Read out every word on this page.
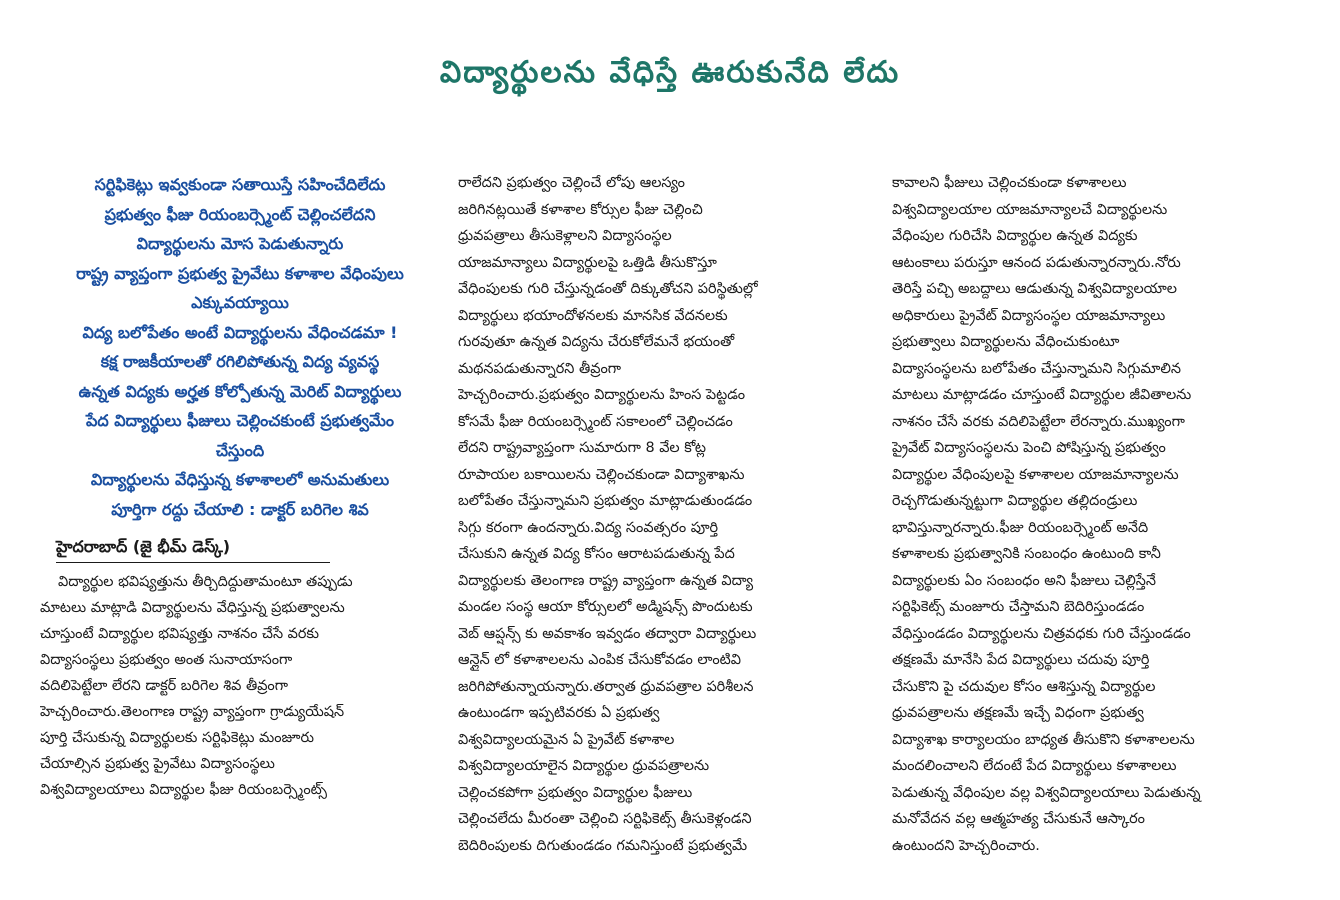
విద్యార్థులను వేధిస్తే ఊరుకునేది లేదు
సర్టిఫికెట్లు ఇవ్వకుండా సతాయిస్తే సహించేదిలేదు
ప్రభుత్వం ఫీజు రియంబర్స్మెంట్ చెల్లించలేదని
విద్యార్థులను మోస పెడుతున్నారు
రాష్ట్ర వ్యాప్తంగా ప్రభుత్వ ప్రైవేటు కళాశాల వేధింపులు
ఎక్కువయ్యాయి
విద్య బలోపేతం అంటే విద్యార్థులను వేధించడమా !
కక్ష రాజకీయాలతో రగిలిపోతున్న విద్య వ్యవస్థ
ఉన్నత విద్యకు అర్హత కోల్పోతున్న మెరిట్ విద్యార్థులు
పేద విద్యార్థులు ఫీజులు చెల్లించకుంటే ప్రభుత్వమేం
చేస్తుంది
విద్యార్థులను వేధిస్తున్న కళాశాలలో అనుమతులు
పూర్తిగా రద్దు చేయాలి : డాక్టర్ బరిగెల శివ
హైదరాబాద్ (జై భీమ్ డెస్క్)
విద్యార్థుల భవిష్యత్తును తీర్చిదిద్దుతామంటూ తప్పుడు
మాటలు మాట్లాడి విద్యార్థులను వేధిస్తున్న ప్రభుత్వాలను
చూస్తుంటే విద్యార్థుల భవిష్యత్తు నాశనం చేసే వరకు
విద్యాసంస్థలు ప్రభుత్వం అంత సునాయాసంగా
వదిలిపెట్టేలా లేరని డాక్టర్ బరిగెల శివ తీవ్రంగా
హెచ్చరించారు.తెలంగాణ రాష్ట్ర వ్యాప్తంగా గ్రాడ్యుయేషన్
పూర్తి చేసుకున్న విద్యార్థులకు సర్టిఫికెట్లు మంజూరు
చేయాల్సిన ప్రభుత్వ ప్రైవేటు విద్యాసంస్థలు
విశ్వవిద్యాలయాలు విద్యార్థుల ఫీజు రియంబర్స్మెంట్స్
రాలేదని ప్రభుత్వం చెల్లించే లోపు ఆలస్యం
జరిగినట్లయితే కళాశాల కోర్సుల ఫీజు చెల్లించి
ధ్రువపత్రాలు తీసుకెళ్లాలని విద్యాసంస్థల
యాజమాన్యాలు విద్యార్థులపై ఒత్తిడి తీసుకొస్తూ
వేధింపులకు గురి చేస్తున్నడంతో దిక్కుతోచని పరిస్థితుల్లో
విద్యార్థులు భయాందోళనలకు మానసిక వేదనలకు
గురవుతూ ఉన్నత విద్యను చేరుకోలేమనే భయంతో
మథనపడుతున్నారని తీవ్రంగా
హెచ్చరించారు.ప్రభుత్వం విద్యార్థులను హింస పెట్టడం
కోసమే ఫీజు రియంబర్స్మెంట్ సకాలంలో చెల్లించడం
లేదని రాష్ట్రవ్యాప్తంగా సుమారుగా 8 వేల కోట్ల
రూపాయల బకాయిలను చెల్లించకుండా విద్యాశాఖను
బలోపేతం చేస్తున్నామని ప్రభుత్వం మాట్లాడుతుండడం
సిగ్గు కరంగా ఉందన్నారు.విద్య సంవత్సరం పూర్తి
చేసుకుని ఉన్నత విద్య కోసం ఆరాటపడుతున్న పేద
విద్యార్థులకు తెలంగాణ రాష్ట్ర వ్యాప్తంగా ఉన్నత విద్యా
మండల సంస్థ ఆయా కోర్సులలో అడ్మిషన్స్ పొందుటకు
వెబ్ ఆప్షన్స్ కు అవకాశం ఇవ్వడం తద్వారా విద్యార్థులు
ఆన్లైన్ లో కళాశాలలను ఎంపిక చేసుకోవడం లాంటివి
జరిగిపోతున్నాయన్నారు.తర్వాత ధ్రువపత్రాల పరిశీలన
ఉంటుండగా ఇప్పటివరకు ఏ ప్రభుత్వ
విశ్వవిద్యాలయమైన ఏ ప్రైవేట్ కళాశాల
విశ్వవిద్యాలయాలైన విద్యార్థుల ధ్రువపత్రాలను
చెల్లించకపోగా ప్రభుత్వం విద్యార్థుల ఫీజులు
చెల్లించలేదు మీరంతా చెల్లించి సర్టిఫికెట్స్ తీసుకెళ్లండని
బెదిరింపులకు దిగుతుండడం గమనిస్తుంటే ప్రభుత్వమే
కావాలని ఫీజులు చెల్లించకుండా కళాశాలలు
విశ్వవిద్యాలయాల యాజమాన్యాలచే విద్యార్థులను
వేధింపుల గురిచేసి విద్యార్థుల ఉన్నత విద్యకు
ఆటంకాలు పరుస్తూ ఆనంద పడుతున్నారన్నారు.నోరు
తెరిస్తే పచ్చి అబద్దాలు ఆడుతున్న విశ్వవిద్యాలయాల
అధికారులు ప్రైవేట్ విద్యాసంస్థల యాజమాన్యాలు
ప్రభుత్వాలు విద్యార్థులను వేధించుకుంటూ
విద్యాసంస్థలను బలోపేతం చేస్తున్నామని సిగ్గుమాలిన
మాటలు మాట్లాడడం చూస్తుంటే విద్యార్థుల జీవితాలను
నాశనం చేసే వరకు వదిలిపెట్టేలా లేరన్నారు.ముఖ్యంగా
ప్రైవేట్ విద్యాసంస్థలను పెంచి పోషిస్తున్న ప్రభుత్వం
విద్యార్థుల వేధింపులపై కళాశాలల యాజమాన్యాలను
రెచ్చగొడుతున్నట్టుగా విద్యార్థుల తల్లిదండ్రులు
భావిస్తున్నారన్నారు.ఫీజు రియంబర్స్మెంట్ అనేది
కళాశాలకు ప్రభుత్వానికి సంబంధం ఉంటుంది కానీ
విద్యార్థులకు ఏం సంబంధం అని ఫీజులు చెల్లిస్తేనే
సర్టిఫికెట్స్ మంజూరు చేస్తామని బెదిరిస్తుండడం
వేధిస్తుండడం విద్యార్థులను చిత్రవధకు గురి చేస్తుండడం
తక్షణమే మానేసి పేద విద్యార్థులు చదువు పూర్తి
చేసుకొని పై చదువుల కోసం ఆశిస్తున్న విద్యార్థుల
ధ్రువపత్రాలను తక్షణమే ఇచ్చే విధంగా ప్రభుత్వ
విద్యాశాఖ కార్యాలయం బాధ్యత తీసుకొని కళాశాలలను
మందలించాలని లేదంటే పేద విద్యార్థులు కళాశాలలు
పెడుతున్న వేధింపుల వల్ల విశ్వవిద్యాలయాలు పెడుతున్న
మనోవేదన వల్ల ఆత్మహత్య చేసుకునే ఆస్కారం
ఉంటుందని హెచ్చరించారు.
